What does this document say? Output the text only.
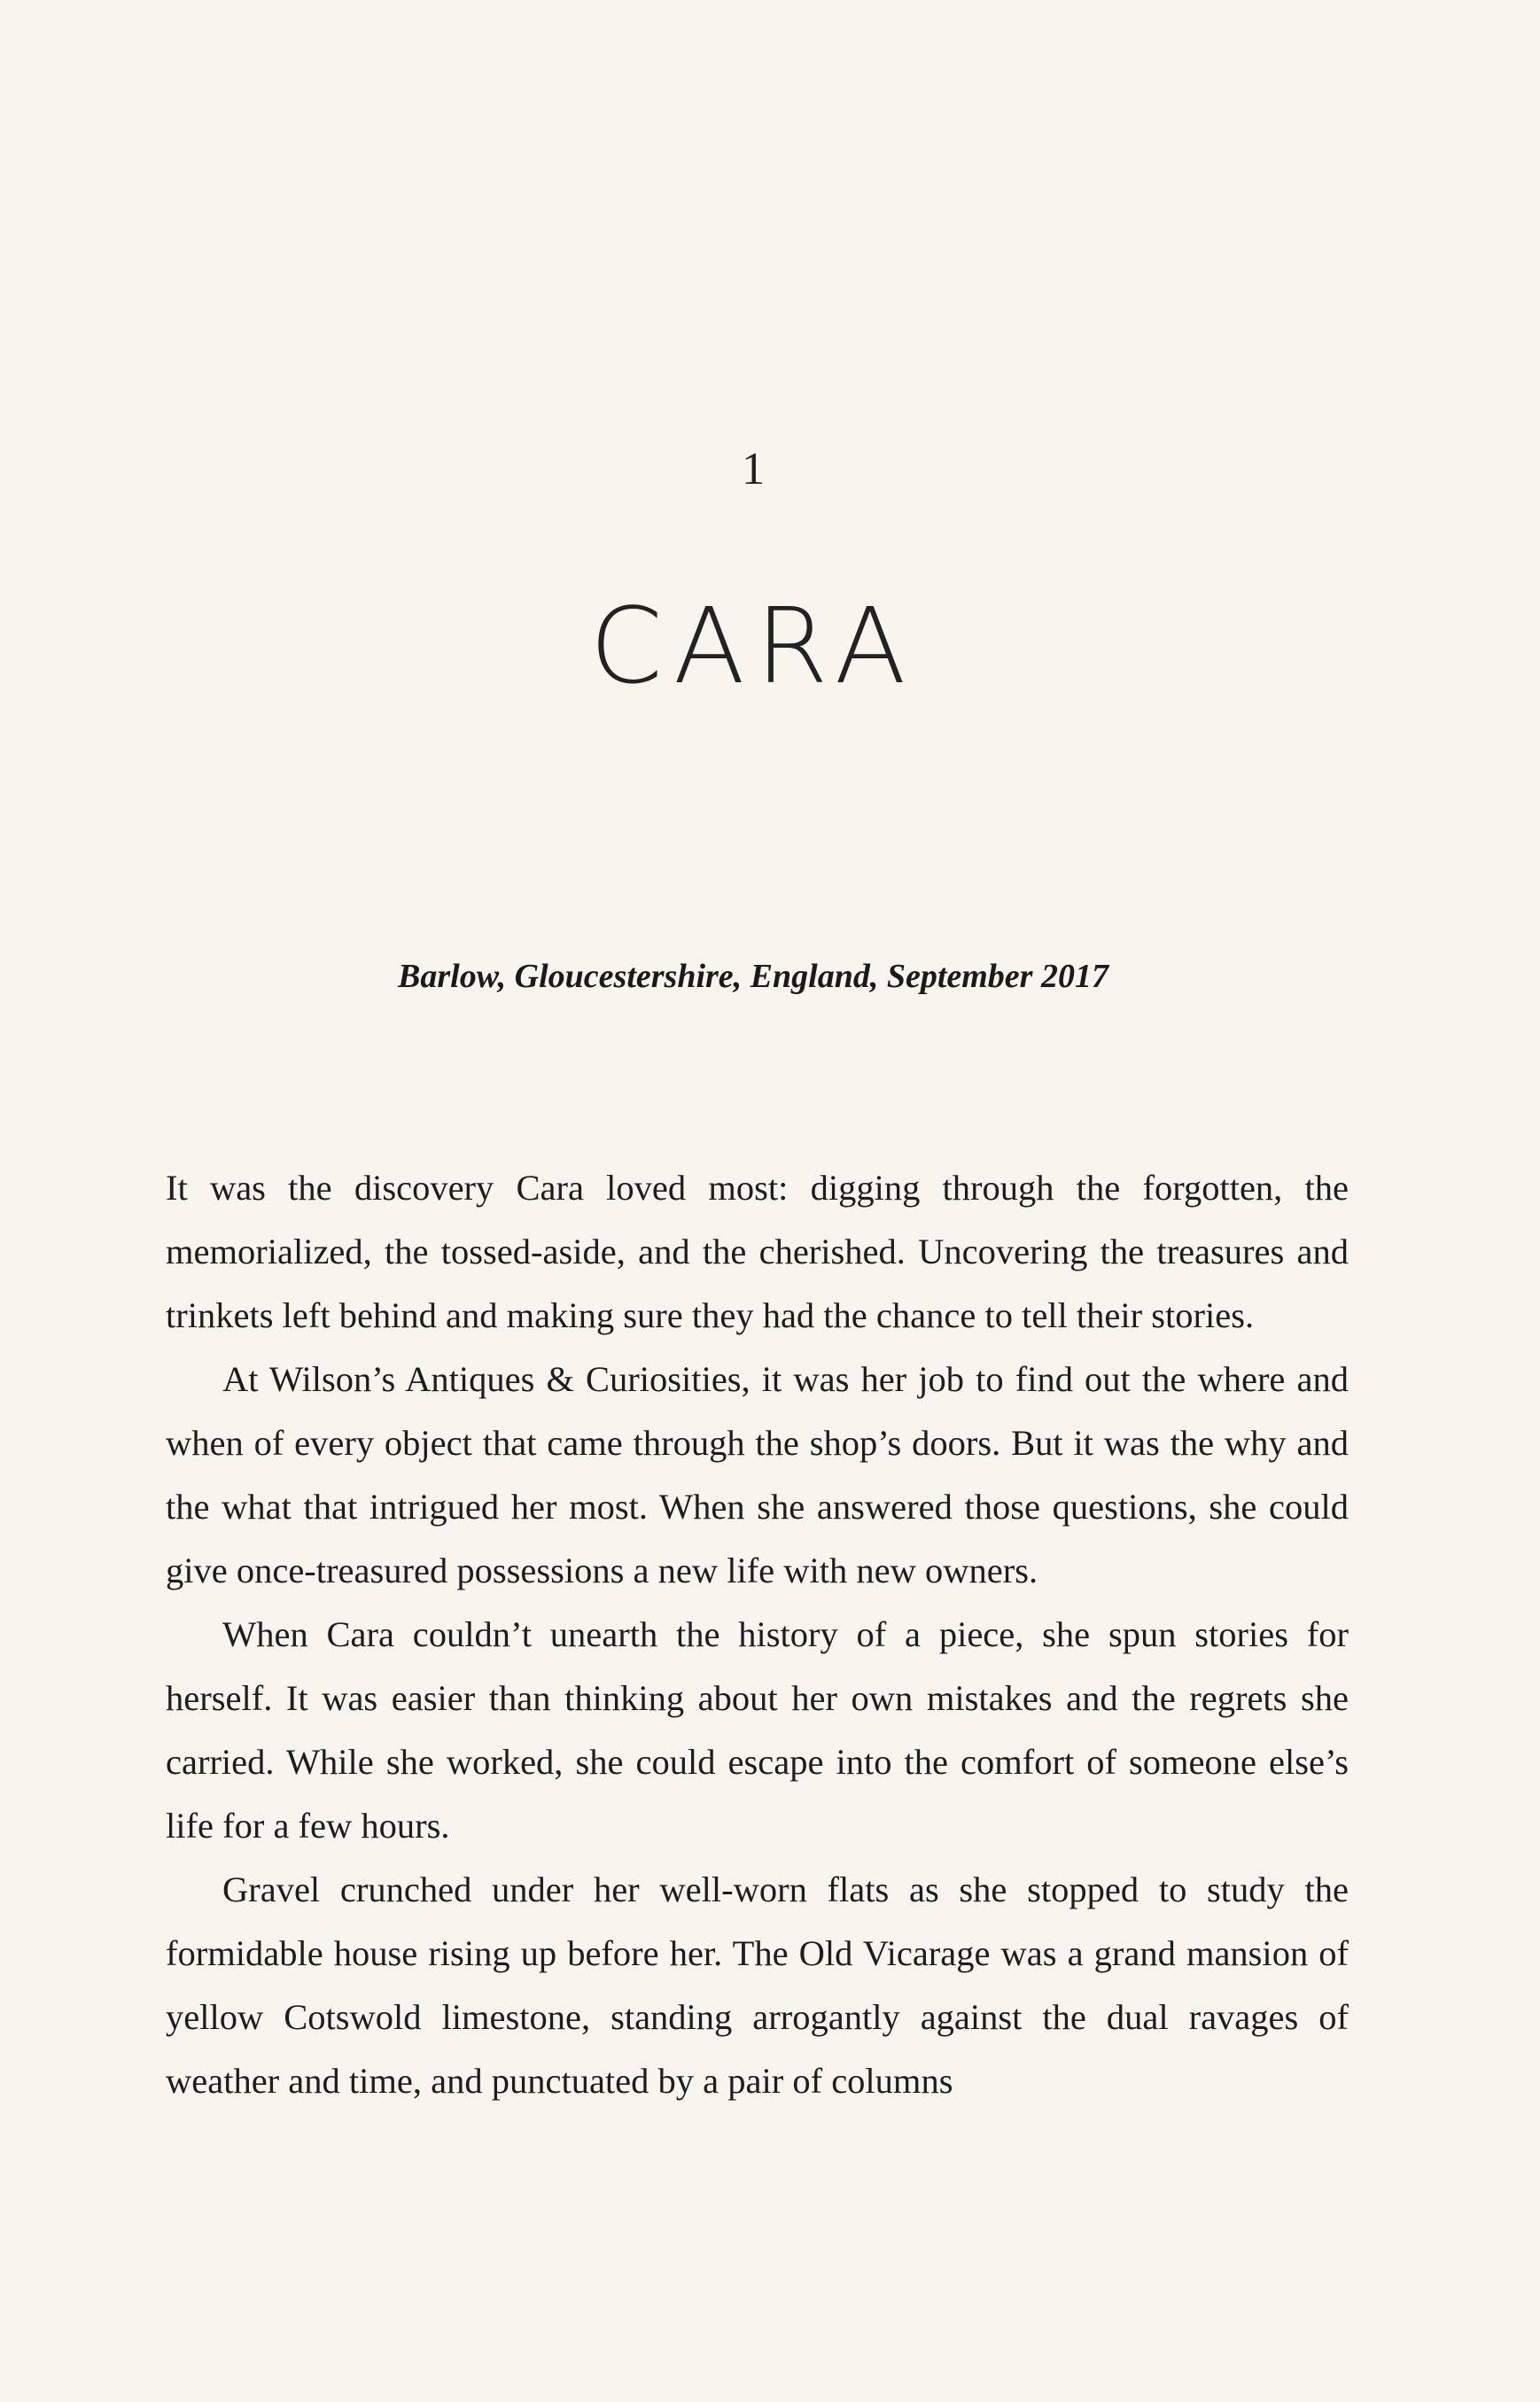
1
CARA
Barlow, Gloucestershire, England, September 2017

It was the discovery Cara loved most: digging through the forgotten, the memorialized, the tossed-aside, and the cherished. Uncovering the treasures and trinkets left behind and making sure they had the chance to tell their stories.

At Wilson’s Antiques & Curiosities, it was her job to find out the where and when of every object that came through the shop’s doors. But it was the why and the what that intrigued her most. When she answered those questions, she could give once-treasured possessions a new life with new owners.

When Cara couldn’t unearth the history of a piece, she spun stories for herself. It was easier than thinking about her own mistakes and the regrets she carried. While she worked, she could escape into the comfort of someone else’s life for a few hours.

Gravel crunched under her well-worn flats as she stopped to study the formidable house rising up before her. The Old Vicarage was a grand mansion of yellow Cotswold limestone, standing arrogantly against the dual ravages of weather and time, and punctuated by a pair of columns
